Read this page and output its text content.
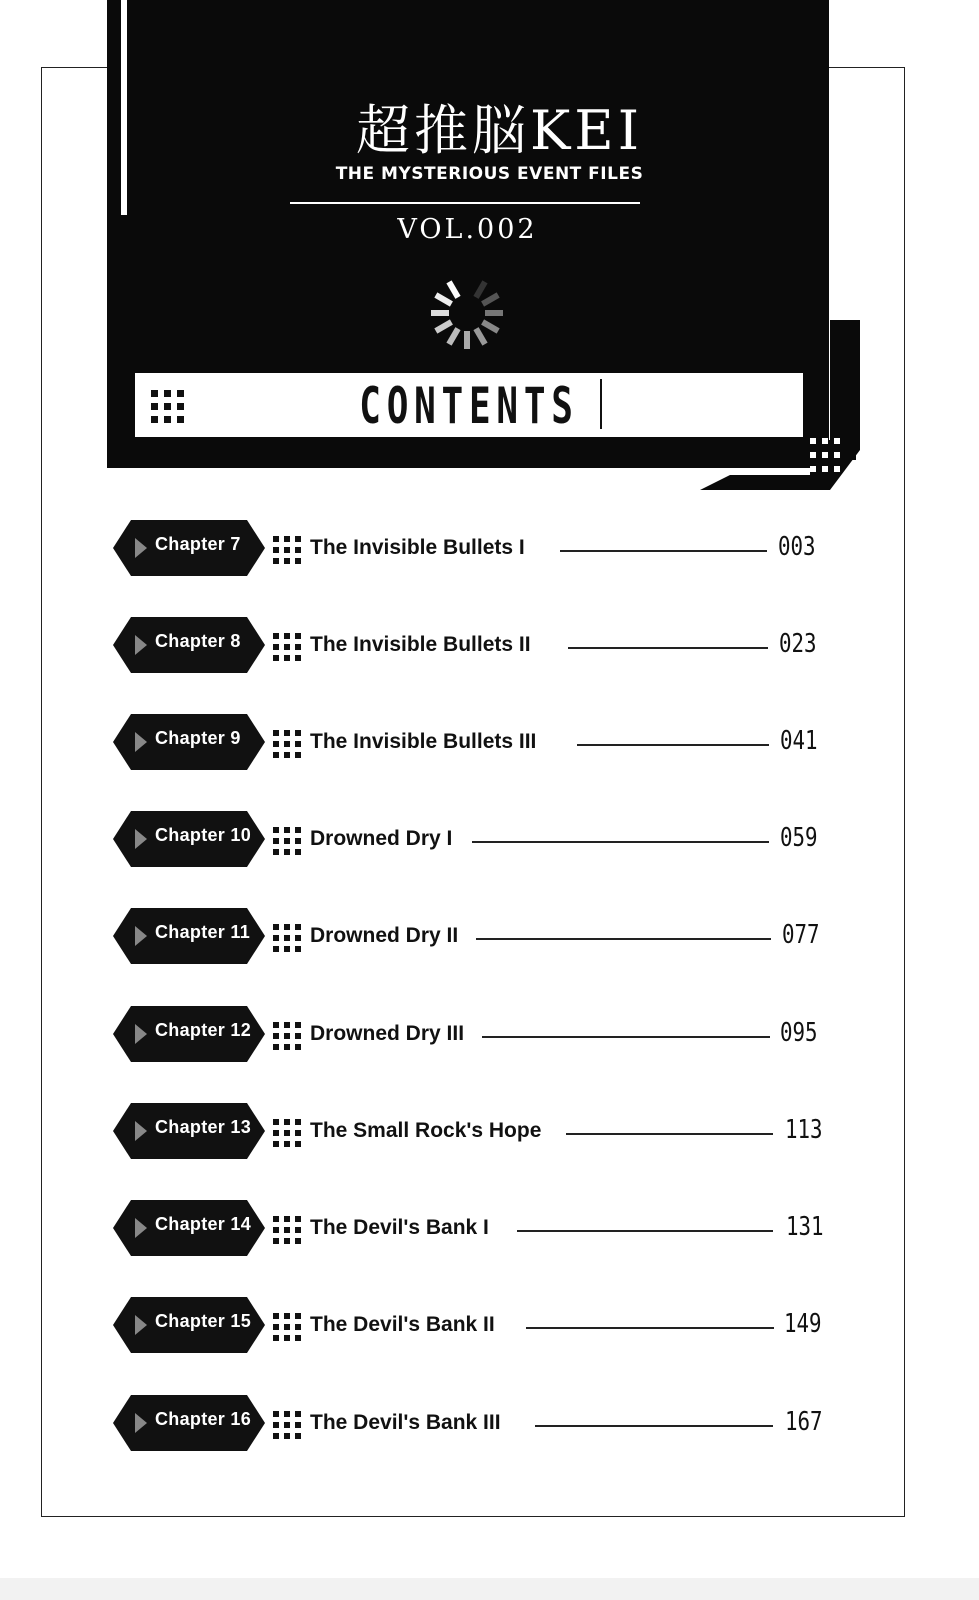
超推脳KEI
THE MYSTERIOUS EVENT FILES
VOL.002
CONTENTS
Chapter 7	The Invisible Bullets I	003
Chapter 8	The Invisible Bullets II	023
Chapter 9	The Invisible Bullets III	041
Chapter 10	Drowned Dry I	059
Chapter 11	Drowned Dry II	077
Chapter 12	Drowned Dry III	095
Chapter 13	The Small Rock's Hope	113
Chapter 14	The Devil's Bank I	131
Chapter 15	The Devil's Bank II	149
Chapter 16	The Devil's Bank III	167
